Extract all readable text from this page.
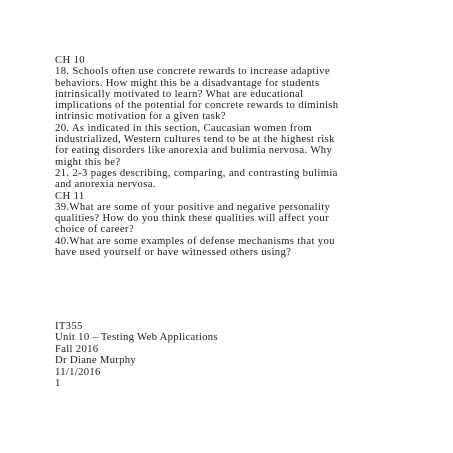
CH 10
18. Schools often use concrete rewards to increase adaptive
behaviors. How might this be a disadvantage for students
intrinsically motivated to learn? What are educational
implications of the potential for concrete rewards to diminish
intrinsic motivation for a given task?
20. As indicated in this section, Caucasian women from
industrialized, Western cultures tend to be at the highest risk
for eating disorders like anorexia and bulimia nervosa. Why
might this be?
21. 2-3 pages describing, comparing, and contrasting bulimia
and anorexia nervosa.
CH 11
39.What are some of your positive and negative personality
qualities? How do you think these qualities will affect your
choice of career?
40.What are some examples of defense mechanisms that you
have used yourself or have witnessed others using?
IT355
Unit 10 – Testing Web Applications
Fall 2016
Dr Diane Murphy
11/1/2016
1
